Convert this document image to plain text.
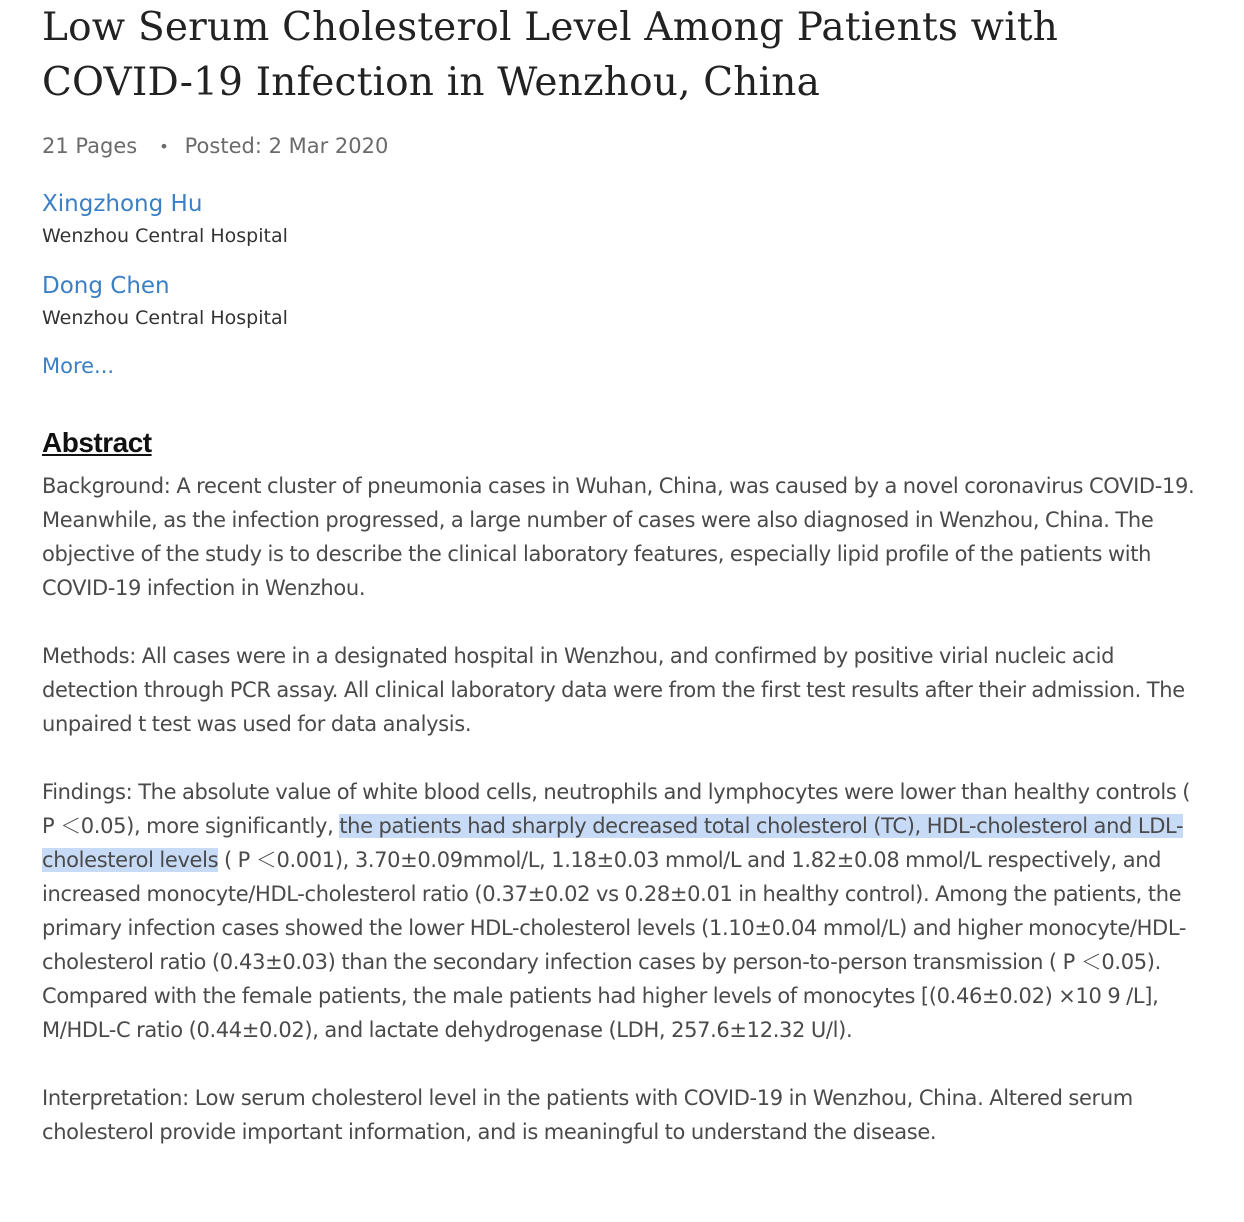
Low Serum Cholesterol Level Among Patients with COVID-19 Infection in Wenzhou, China
21 Pages • Posted: 2 Mar 2020
Xingzhong Hu
Wenzhou Central Hospital
Dong Chen
Wenzhou Central Hospital
More...
Abstract

Background: A recent cluster of pneumonia cases in Wuhan, China, was caused by a novel coronavirus COVID-19. Meanwhile, as the infection progressed, a large number of cases were also diagnosed in Wenzhou, China. The objective of the study is to describe the clinical laboratory features, especially lipid profile of the patients with COVID-19 infection in Wenzhou.

Methods: All cases were in a designated hospital in Wenzhou, and confirmed by positive virial nucleic acid detection through PCR assay. All clinical laboratory data were from the first test results after their admission. The unpaired t test was used for data analysis.

Findings: The absolute value of white blood cells, neutrophils and lymphocytes were lower than healthy controls ( P ＜0.05), more significantly, the patients had sharply decreased total cholesterol (TC), HDL-cholesterol and LDL-cholesterol levels ( P ＜0.001), 3.70±0.09mmol/L, 1.18±0.03 mmol/L and 1.82±0.08 mmol/L respectively, and increased monocyte/HDL-cholesterol ratio (0.37±0.02 vs 0.28±0.01 in healthy control). Among the patients, the primary infection cases showed the lower HDL-cholesterol levels (1.10±0.04 mmol/L) and higher monocyte/HDL-cholesterol ratio (0.43±0.03) than the secondary infection cases by person-to-person transmission ( P ＜0.05). Compared with the female patients, the male patients had higher levels of monocytes [(0.46±0.02) ×10 9 /L], M/HDL-C ratio (0.44±0.02), and lactate dehydrogenase (LDH, 257.6±12.32 U/l).

Interpretation: Low serum cholesterol level in the patients with COVID-19 in Wenzhou, China. Altered serum cholesterol provide important information, and is meaningful to understand the disease.
